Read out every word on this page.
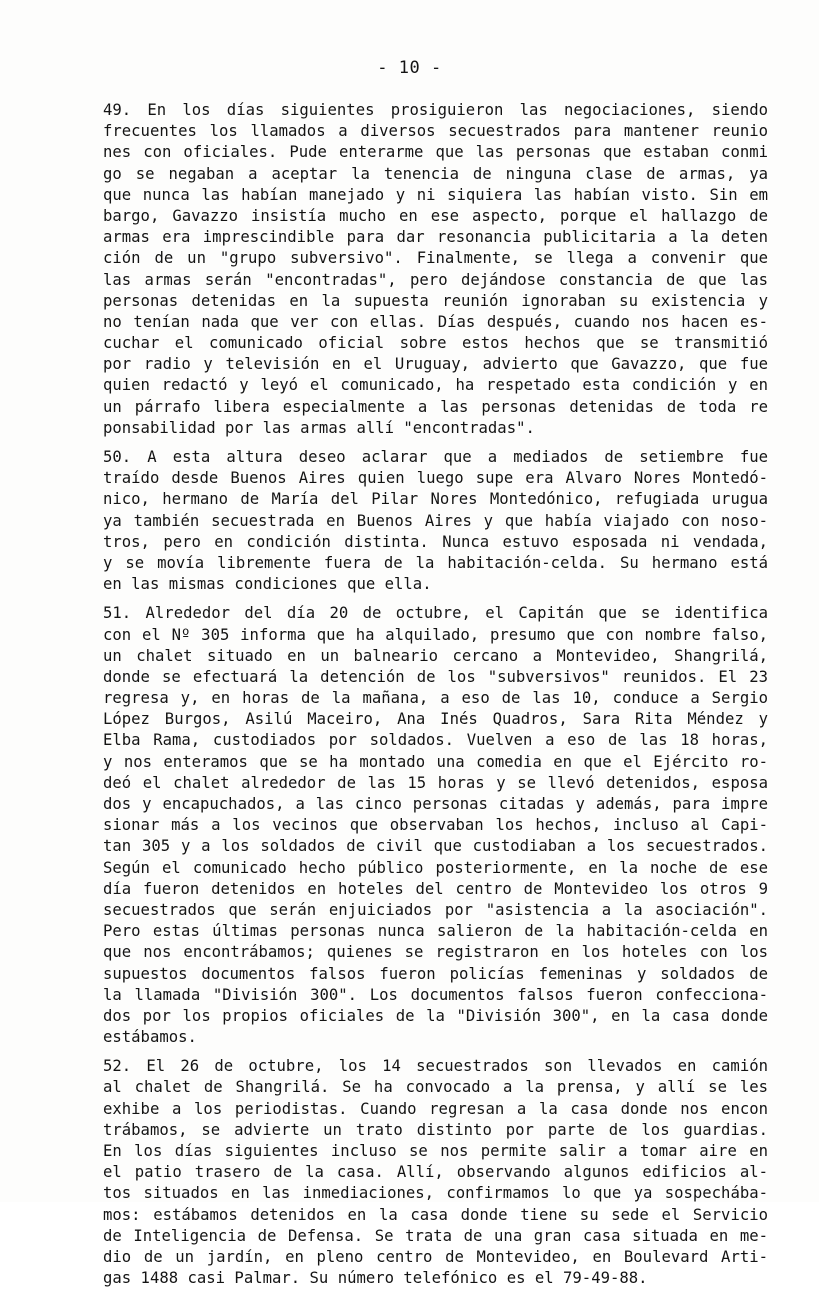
- 10 -
49. En los días siguientes prosiguieron las negociaciones, siendo
frecuentes los llamados a diversos secuestrados para mantener reunio
nes con oficiales. Pude enterarme que las personas que estaban conmi
go se negaban a aceptar la tenencia de ninguna clase de armas, ya
que nunca las habían manejado y ni siquiera las habían visto. Sin em
bargo, Gavazzo insistía mucho en ese aspecto, porque el hallazgo de
armas era imprescindible para dar resonancia publicitaria a la deten
ción de un "grupo subversivo". Finalmente, se llega a convenir que
las armas serán "encontradas", pero dejándose constancia de que las
personas detenidas en la supuesta reunión ignoraban su existencia y
no tenían nada que ver con ellas. Días después, cuando nos hacen es-
cuchar el comunicado oficial sobre estos hechos que se transmitió
por radio y televisión en el Uruguay, advierto que Gavazzo, que fue
quien redactó y leyó el comunicado, ha respetado esta condición y en
un párrafo libera especialmente a las personas detenidas de toda re
ponsabilidad por las armas allí "encontradas".
50. A esta altura deseo aclarar que a mediados de setiembre fue
traído desde Buenos Aires quien luego supe era Alvaro Nores Montedó-
nico, hermano de María del Pilar Nores Montedónico, refugiada urugua
ya también secuestrada en Buenos Aires y que había viajado con noso-
tros, pero en condición distinta. Nunca estuvo esposada ni vendada,
y se movía libremente fuera de la habitación-celda. Su hermano está
en las mismas condiciones que ella.
51. Alrededor del día 20 de octubre, el Capitán que se identifica
con el Nº 305 informa que ha alquilado, presumo que con nombre falso,
un chalet situado en un balneario cercano a Montevideo, Shangrilá,
donde se efectuará la detención de los "subversivos" reunidos. El 23
regresa y, en horas de la mañana, a eso de las 10, conduce a Sergio
López Burgos, Asilú Maceiro, Ana Inés Quadros, Sara Rita Méndez y
Elba Rama, custodiados por soldados. Vuelven a eso de las 18 horas,
y nos enteramos que se ha montado una comedia en que el Ejército ro-
deó el chalet alrededor de las 15 horas y se llevó detenidos, esposa
dos y encapuchados, a las cinco personas citadas y además, para impre
sionar más a los vecinos que observaban los hechos, incluso al Capi-
tan 305 y a los soldados de civil que custodiaban a los secuestrados.
Según el comunicado hecho público posteriormente, en la noche de ese
día fueron detenidos en hoteles del centro de Montevideo los otros 9
secuestrados que serán enjuiciados por "asistencia a la asociación".
Pero estas últimas personas nunca salieron de la habitación-celda en
que nos encontrábamos; quienes se registraron en los hoteles con los
supuestos documentos falsos fueron policías femeninas y soldados de
la llamada "División 300". Los documentos falsos fueron confecciona-
dos por los propios oficiales de la "División 300", en la casa donde
estábamos.
52. El 26 de octubre, los 14 secuestrados son llevados en camión
al chalet de Shangrilá. Se ha convocado a la prensa, y allí se les
exhibe a los periodistas. Cuando regresan a la casa donde nos encon
trábamos, se advierte un trato distinto por parte de los guardias.
En los días siguientes incluso se nos permite salir a tomar aire en
el patio trasero de la casa. Allí, observando algunos edificios al-
tos situados en las inmediaciones, confirmamos lo que ya sospechába-
mos: estábamos detenidos en la casa donde tiene su sede el Servicio
de Inteligencia de Defensa. Se trata de una gran casa situada en me-
dio de un jardín, en pleno centro de Montevideo, en Boulevard Arti-
gas 1488 casi Palmar. Su número telefónico es el 79-49-88.
